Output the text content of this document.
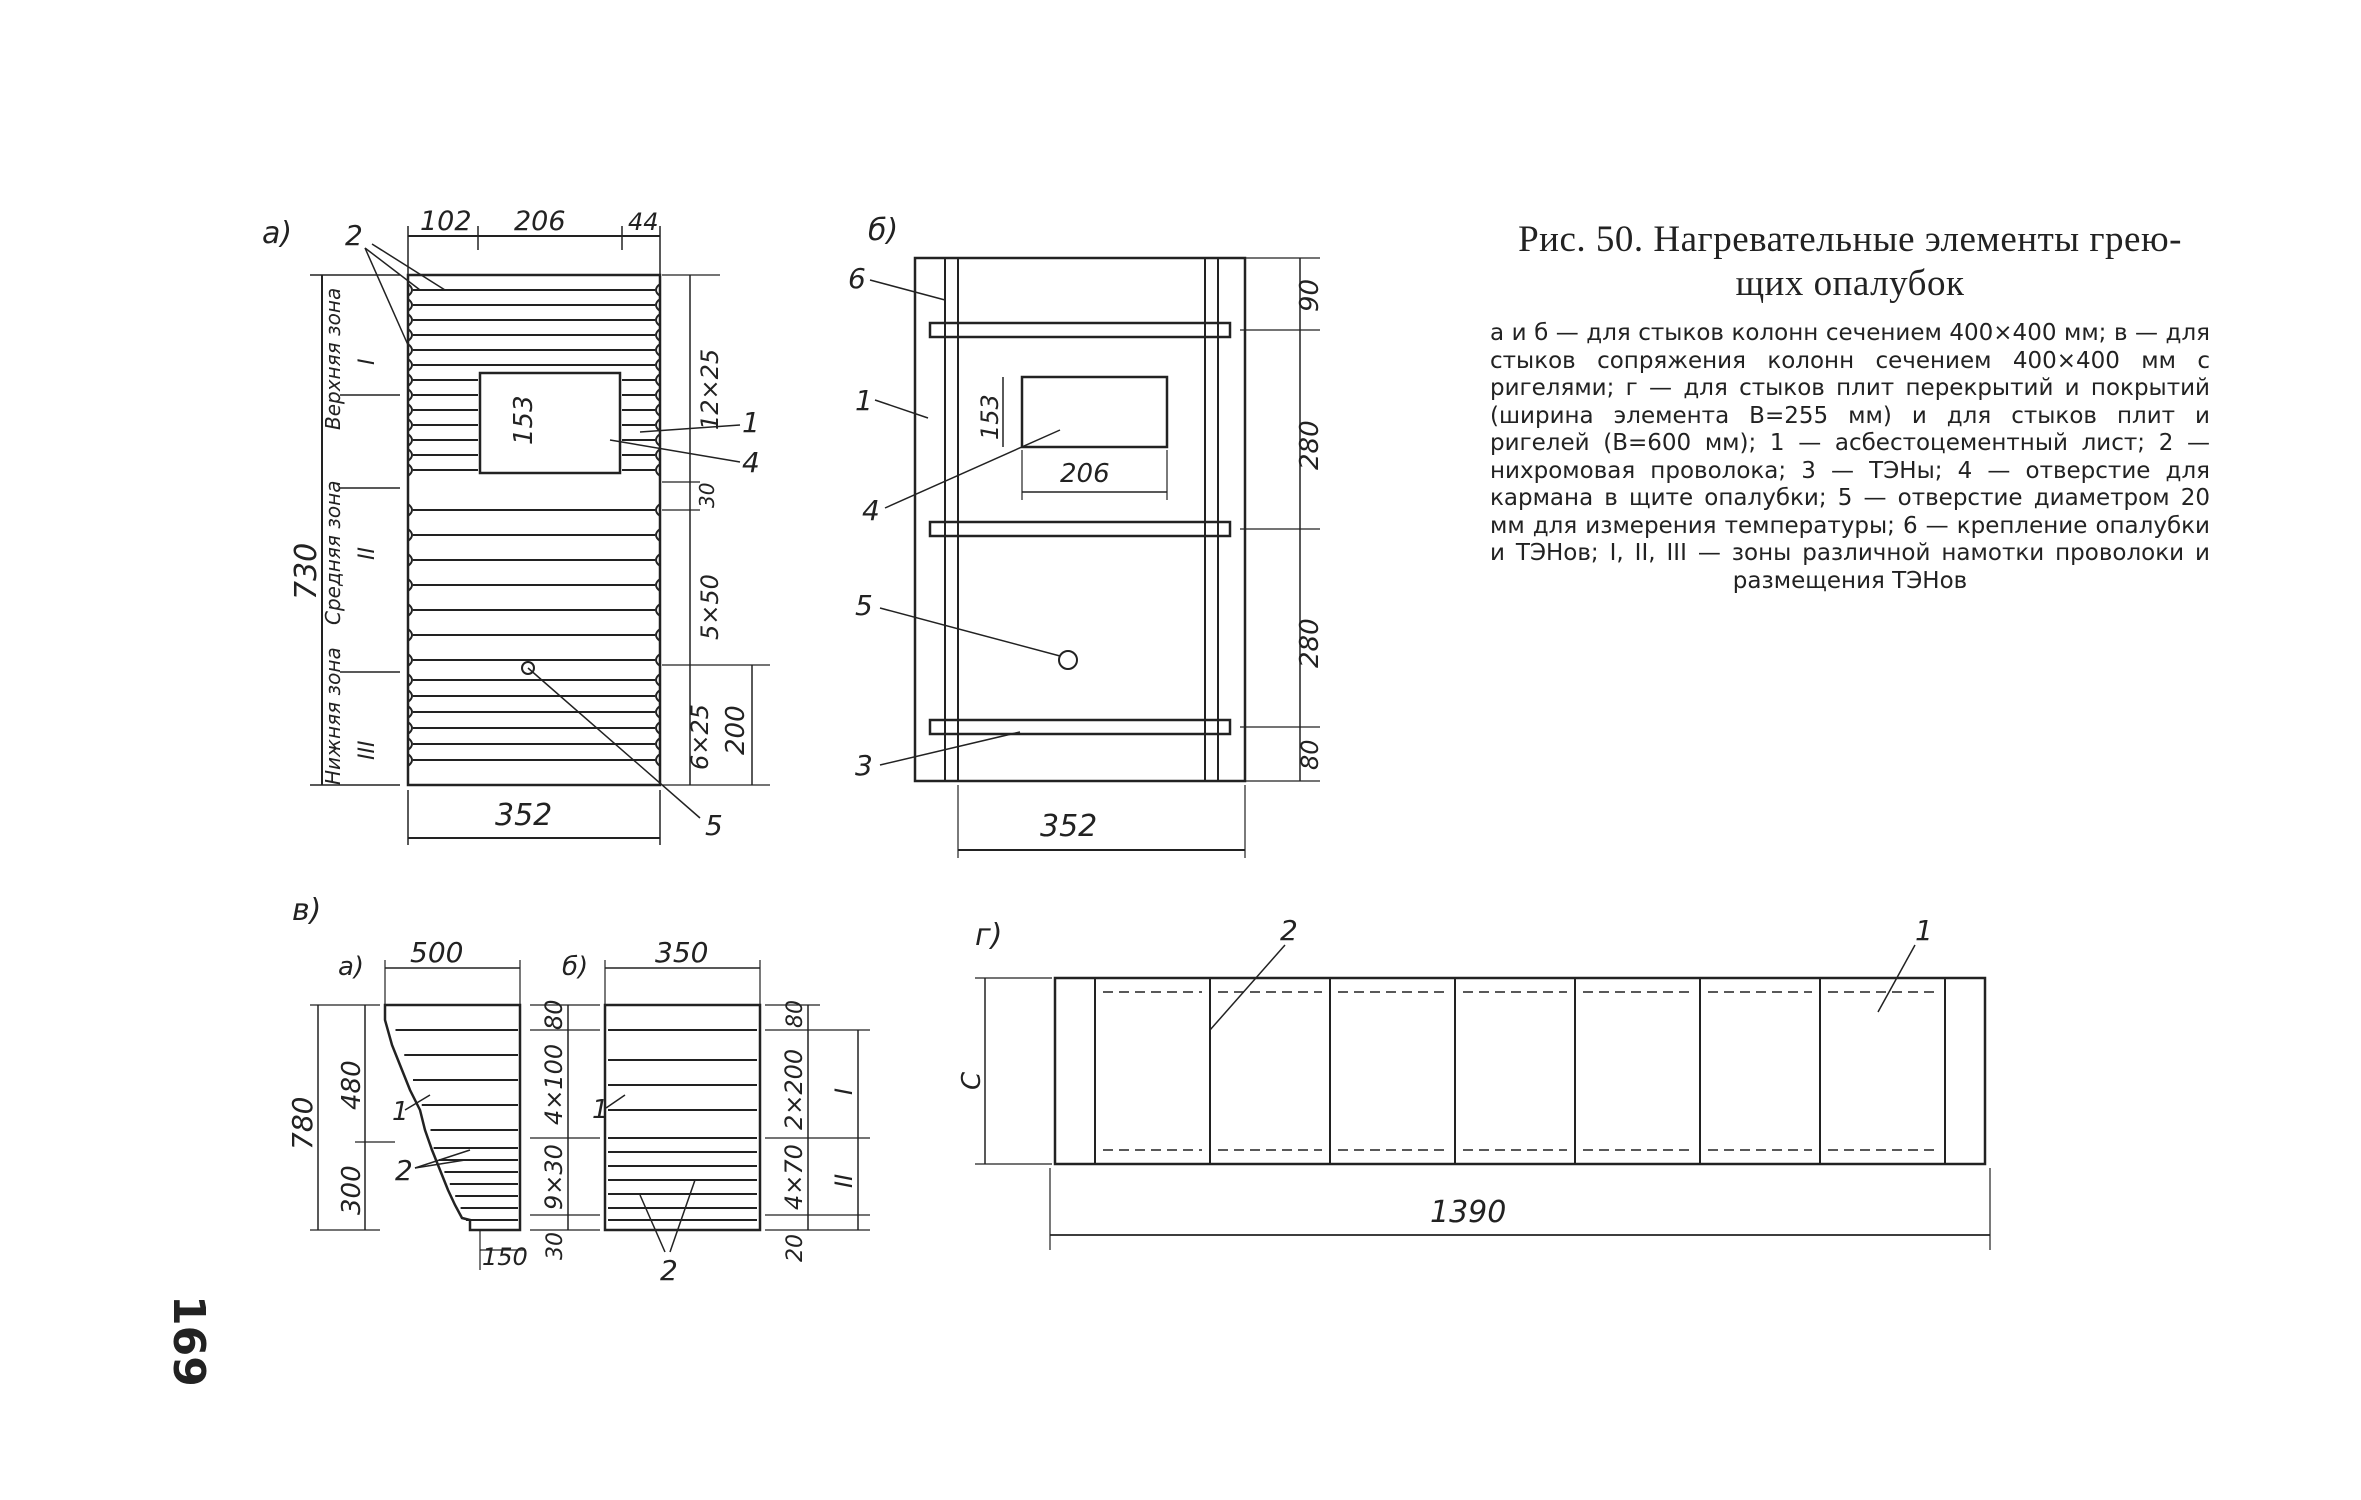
а)	102 206	44
153
352
730
Верхняя зона I
Средняя зона II
Нижняя зона III
12×25
30
5×50
6×25 200
2
1
4
5
б)
153
206
90
280
280
80
352
6
1
4
5
3
в)
а)	б)
500
780
480
300
150
1
2
350
80
4×100
9×30
30
80
2×200
4×70
20
I
II
1
2
г)
C
1390
2	1

Рис. 50. Нагревательные элементы грею-щих опалубок

а и б — для стыков колонн сечением 400×400 мм; в — для стыков сопряжения колонн сечением 400×400 мм с ригелями; г — для стыков плит перекрытий и покрытий (ширина элемента B=255 мм) и для стыков плит и ригелей (B=600 мм); 1 — асбестоцементный лист; 2 — нихромовая проволока; 3 — ТЭНы; 4 — отверстие для кармана в щите опалубки; 5 — отверстие диаметром 20 мм для измерения температуры; 6 — крепление опалубки и ТЭНов; I, II, III — зоны различной намотки проволоки и размещения ТЭНов

169
